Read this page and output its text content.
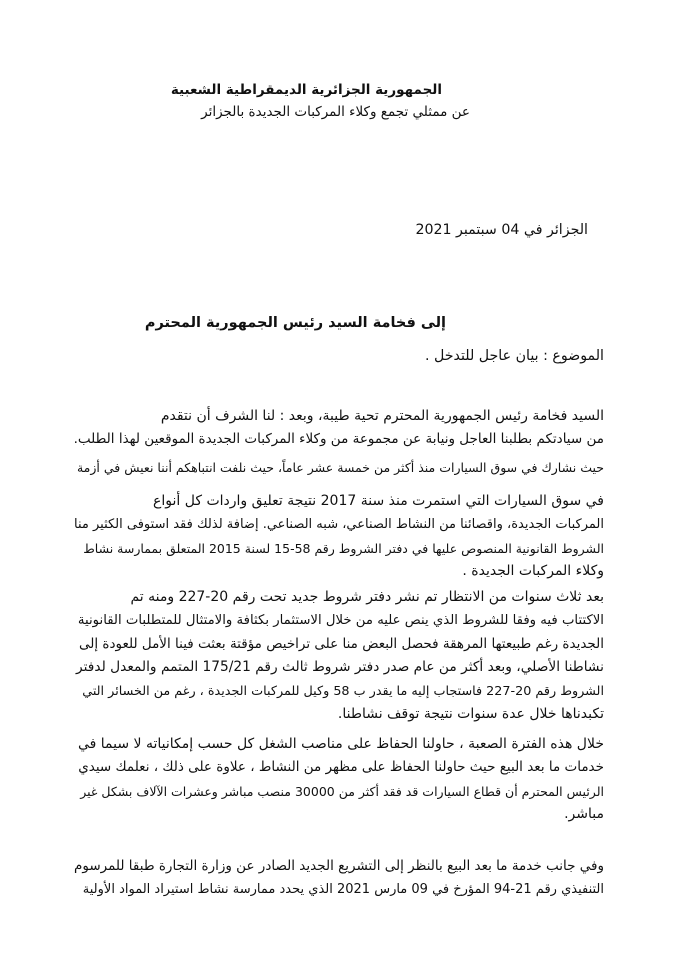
الجمهورية الجزائرية الديمقراطية الشعبية
عن ممثلي تجمع وكلاء المركبات الجديدة بالجزائر
الجزائر في 04 سبتمبر 2021
إلى فخامة السيد رئيس الجمهورية المحترم
الموضوع : بيان عاجل للتدخل .
السيد فخامة رئيس الجمهورية المحترم تحية طيبة، وبعد : لنا الشرف أن نتقدم
من سيادتكم بطلبنا العاجل ونيابة عن مجموعة من وكلاء المركبات الجديدة الموقعين لهذا الطلب.
حيث نشارك في سوق السيارات منذ أكثر من خمسة عشر عاماً، حيث نلفت انتباهكم أننا نعيش في أزمة
في سوق السيارات التي استمرت منذ سنة 2017 نتيجة تعليق واردات كل أنواع
المركبات الجديدة، واقصائنا من النشاط الصناعي، شبه الصناعي. إضافة لذلك فقد استوفى الكثير منا
الشروط القانونية المنصوص عليها في دفتر الشروط رقم 58-15 لسنة 2015 المتعلق بممارسة نشاط
وكلاء المركبات الجديدة .
بعد ثلاث سنوات من الانتظار تم نشر دفتر شروط جديد تحت رقم 20-227 ومنه تم
الاكتتاب فيه وفقا للشروط الذي ينص عليه من خلال الاستثمار بكثافة والامتثال للمتطلبات القانونية
الجديدة رغم طبيعتها المرهقة فحصل البعض منا على تراخيص مؤقتة بعثت فينا الأمل للعودة إلى
نشاطنا الأصلي، وبعد أكثر من عام صدر دفتر شروط ثالث رقم 175/21 المتمم والمعدل لدفتر
الشروط رقم 20-227 فاستجاب إليه ما يقدر ب 58 وكيل للمركبات الجديدة ، رغم من الخسائر التي
تكبدناها خلال عدة سنوات نتيجة توقف نشاطنا.
خلال هذه الفترة الصعبة ، حاولنا الحفاظ على مناصب الشغل كل حسب إمكانياته لا سيما في
خدمات ما بعد البيع حيث حاولنا الحفاظ على مظهر من النشاط ، علاوة على ذلك ، نعلمك سيدي
الرئيس المحترم أن قطاع السيارات قد فقد أكثر من 30000 منصب مباشر وعشرات الآلاف بشكل غير
مباشر.
وفي جانب خدمة ما بعد البيع بالنظر إلى التشريع الجديد الصادر عن وزارة التجارة طبقا للمرسوم
التنفيذي رقم 21-94 المؤرخ في 09 مارس 2021 الذي يحدد ممارسة نشاط استيراد المواد الأولية
